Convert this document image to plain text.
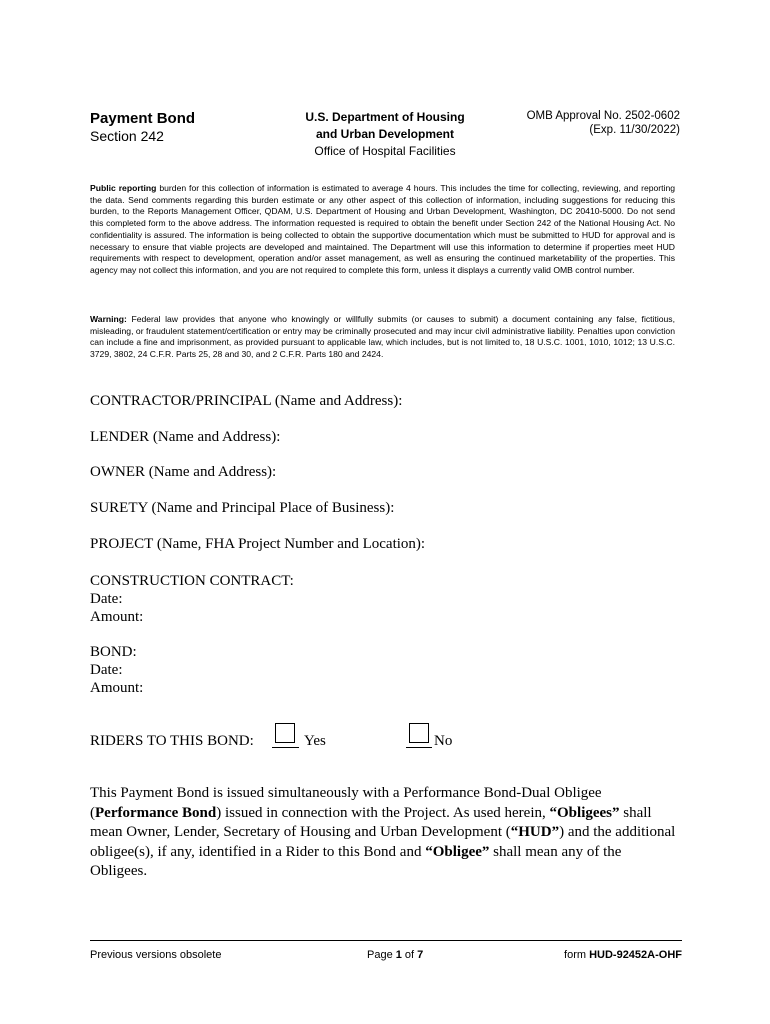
Payment Bond
Section 242
U.S. Department of Housing
and Urban Development
Office of Hospital Facilities
OMB Approval No. 2502-0602
(Exp. 11/30/2022)
Public reporting burden for this collection of information is estimated to average 4 hours. This includes the time for collecting, reviewing, and reporting the data. Send comments regarding this burden estimate or any other aspect of this collection of information, including suggestions for reducing this burden, to the Reports Management Officer, QDAM, U.S. Department of Housing and Urban Development, Washington, DC 20410-5000. Do not send this completed form to the above address. The information requested is required to obtain the benefit under Section 242 of the National Housing Act. No confidentiality is assured. The information is being collected to obtain the supportive documentation which must be submitted to HUD for approval and is necessary to ensure that viable projects are developed and maintained. The Department will use this information to determine if properties meet HUD requirements with respect to development, operation and/or asset management, as well as ensuring the continued marketability of the properties. This agency may not collect this information, and you are not required to complete this form, unless it displays a currently valid OMB control number.
Warning: Federal law provides that anyone who knowingly or willfully submits (or causes to submit) a document containing any false, fictitious, misleading, or fraudulent statement/certification or entry may be criminally prosecuted and may incur civil administrative liability. Penalties upon conviction can include a fine and imprisonment, as provided pursuant to applicable law, which includes, but is not limited to, 18 U.S.C. 1001, 1010, 1012; 13 U.S.C. 3729, 3802, 24 C.F.R. Parts 25, 28 and 30, and 2 C.F.R. Parts 180 and 2424.
CONTRACTOR/PRINCIPAL (Name and Address):
LENDER (Name and Address):
OWNER (Name and Address):
SURETY (Name and Principal Place of Business):
PROJECT (Name, FHA Project Number and Location):
CONSTRUCTION CONTRACT:
Date:
Amount:
BOND:
Date:
Amount:
RIDERS TO THIS BOND:	Yes	No
This Payment Bond is issued simultaneously with a Performance Bond-Dual Obligee (Performance Bond) issued in connection with the Project. As used herein, “Obligees” shall mean Owner, Lender, Secretary of Housing and Urban Development (“HUD”) and the additional obligee(s), if any, identified in a Rider to this Bond and “Obligee” shall mean any of the Obligees.
Previous versions obsolete	Page 1 of 7	form HUD-92452A-OHF
